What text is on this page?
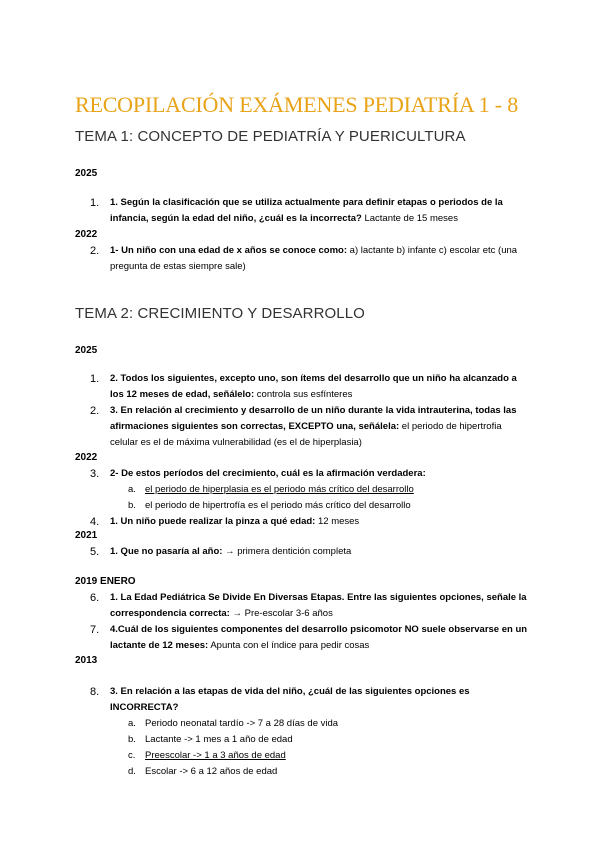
RECOPILACIÓN EXÁMENES PEDIATRÍA 1 - 8
TEMA 1: CONCEPTO DE PEDIATRÍA Y PUERICULTURA
2025
1.	1. Según la clasificación que se utiliza actualmente para definir etapas o periodos de la infancia, según la edad del niño, ¿cuál es la incorrecta? Lactante de 15 meses
2022
2.	1- Un niño con una edad de x años se conoce como: a) lactante b) infante c) escolar etc (una pregunta de estas siempre sale)
TEMA 2: CRECIMIENTO Y DESARROLLO
2025
1.	2. Todos los siguientes, excepto uno, son ítems del desarrollo que un niño ha alcanzado a los 12 meses de edad, señálelo: controla sus esfínteres
2.	3. En relación al crecimiento y desarrollo de un niño durante la vida intrauterina, todas las afirmaciones siguientes son correctas, EXCEPTO una, señálela: el periodo de hipertrofia celular es el de máxima vulnerabilidad (es el de hiperplasia)
2022
3.	2- De estos períodos del crecimiento, cuál es la afirmación verdadera:
a. el periodo de hiperplasia es el periodo más crítico del desarrollo
b. el periodo de hipertrofía es el periodo más crítico del desarrollo
4.	1. Un niño puede realizar la pinza a qué edad: 12 meses
2021
5.	1. Que no pasaría al año: → primera dentición completa
2019 ENERO
6.	1. La Edad Pediátrica Se Divide En Diversas Etapas. Entre las siguientes opciones, señale la correspondencia correcta: → Pre-escolar 3-6 años
7.	4.Cuál de los siguientes componentes del desarrollo psicomotor NO suele observarse en un lactante de 12 meses: Apunta con el índice para pedir cosas
2013
8.	3. En relación a las etapas de vida del niño, ¿cuál de las siguientes opciones es INCORRECTA?
a. Periodo neonatal tardío -> 7 a 28 días de vida
b. Lactante -> 1 mes a 1 año de edad
c. Preescolar -> 1 a 3 años de edad
d. Escolar -> 6 a 12 años de edad
